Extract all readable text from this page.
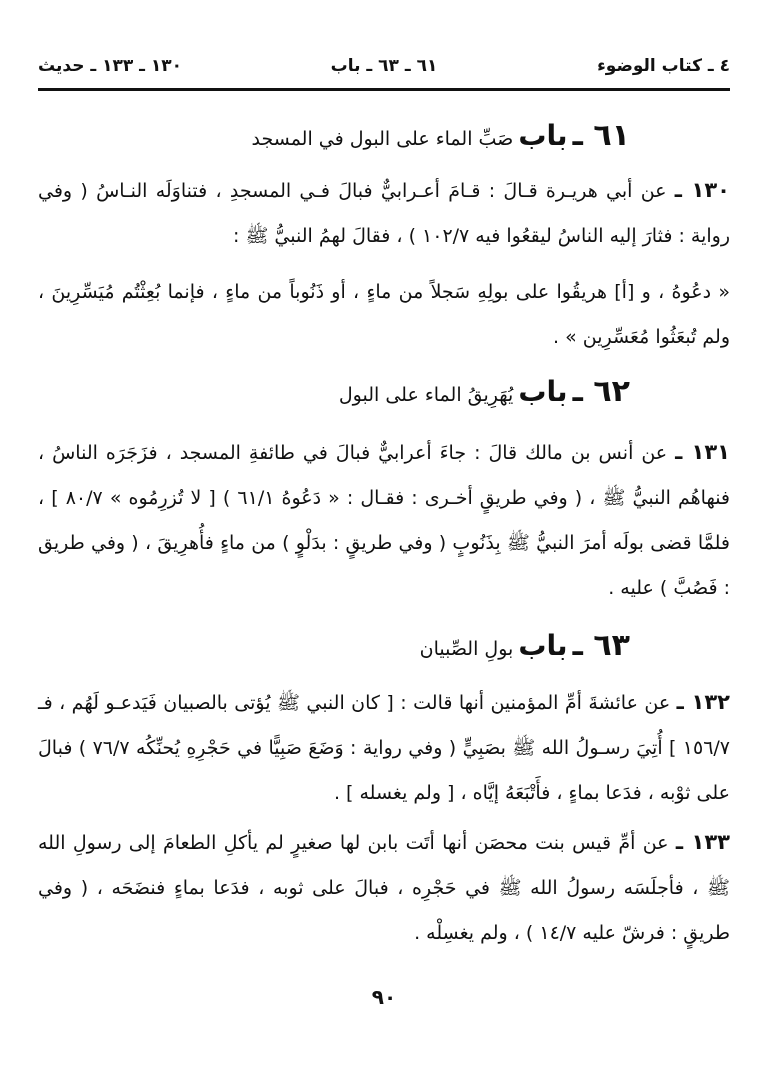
٤ ـ كتاب الوضوء
٦١ ـ ٦٣ ـ باب
١٣٠ ـ ١٣٣ ـ حديث
٦١ ـ باب صَبِّ الماء على البول في المسجد

١٣٠ ـ عن أبي هريـرة قـالَ : قـامَ أعـرابيٌّ فبالَ فـي المسجدِ ، فتناوَلَه النـاسُ ( وفي رواية : فثارَ إليه الناسُ ليقعُوا فيه ١٠٢/٧ ) ، فقالَ لهمُ النبيُّ ﷺ :

« دعُوهُ ، و [أ] هريقُوا على بولِهِ سَجلاً من ماءٍ ، أو ذَنُوباً من ماءٍ ، فإنما بُعِثْتُم مُيَسِّرِينَ ، ولم تُبعَثُوا مُعَسِّرِين » .

٦٢ ـ باب يُهَرِيقُ الماء على البول

١٣١ ـ عن أنس بن مالك قالَ : جاءَ أعرابيٌّ فبالَ في طائفةِ المسجد ، فزَجَرَه الناسُ ، فنهاهُم النبيُّ ﷺ ، ( وفي طريقٍ أخـرى : فقـال : « دَعُوهُ ٦١/١ ) [ لا تُزرِمُوه » ٨٠/٧ ] ، فلمَّا قضى بولَه أمرَ النبيُّ ﷺ بِذَنُوبٍ ( وفي طريقٍ : بدَلْوٍ ) من ماءٍ فأُهرِيقَ ، ( وفي طريق : فَصُبَّ ) عليه .

٦٣ ـ باب بولِ الصِّبيان

١٣٢ ـ عن عائشةَ أمِّ المؤمنين أنها قالت : [ كان النبي ﷺ يُؤتى بالصبيان فَيَدعـو لَهُم ، فـ ١٥٦/٧ ] أُتِيَ رسـولُ الله ﷺ بصَبِيٍّ ( وفي رواية : وَضَعَ صَبِيًّا في حَجْرِهِ يُحنِّكُه ٧٦/٧ ) فبالَ على ثوْبه ، فدَعا بماءٍ ، فأَتْبَعَهُ إيَّاه ، [ ولم يغسله ] .

١٣٣ ـ عن أمِّ قيس بنت محصَن أنها أتَت بابن لها صغيرٍ لم يأكلِ الطعامَ إلى رسولِ الله ﷺ ، فأجلَسَه رسولُ الله ﷺ في حَجْرِه ، فبالَ على ثوبه ، فدَعا بماءٍ فنضَحَه ، ( وفي طريقٍ : فرشّ عليه ١٤/٧ ) ، ولم يغسِلْه .

٩٠
